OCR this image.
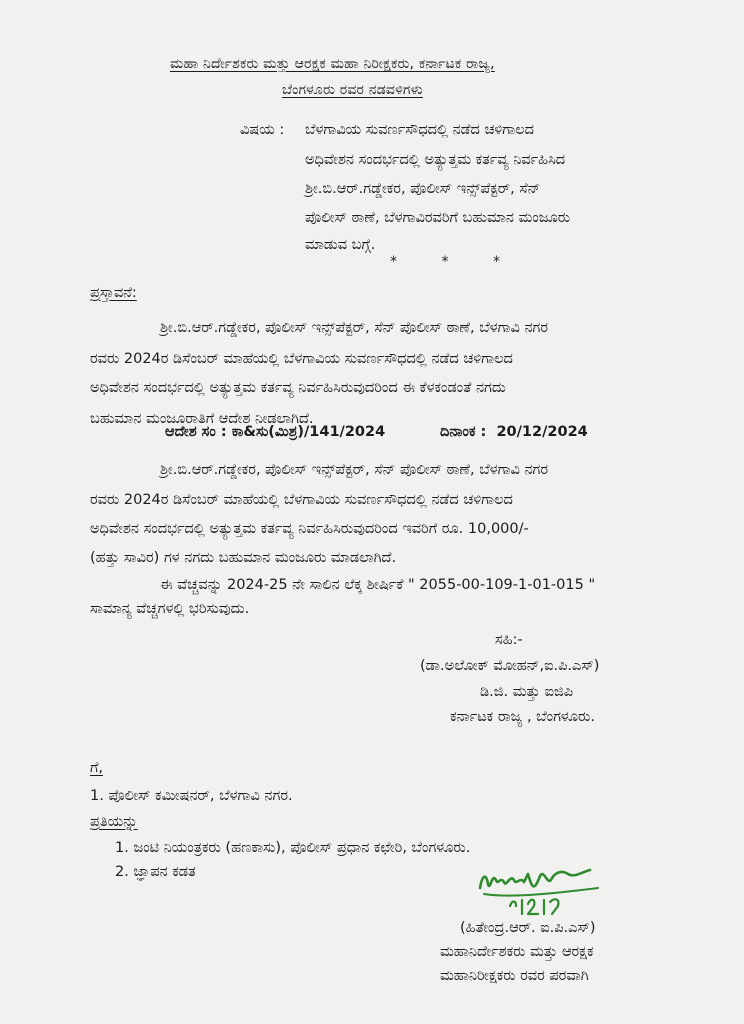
ಮಹಾ ನಿರ್ದೇಶಕರು ಮತ್ತು ಆರಕ್ಷಕ ಮಹಾ ನಿರೀಕ್ಷಕರು, ಕರ್ನಾಟಕ ರಾಜ್ಯ,
ಬೆಂಗಳೂರು ರವರ ನಡವಳಿಗಳು
ವಿಷಯ : ಬೆಳಗಾವಿಯ ಸುವರ್ಣಸೌಧದಲ್ಲಿ ನಡೆದ ಚಳಿಗಾಲದ
ಅಧಿವೇಶನ ಸಂದರ್ಭದಲ್ಲಿ ಅತ್ಯುತ್ತಮ ಕರ್ತವ್ಯ ನಿರ್ವಹಿಸಿದ
ಶ್ರೀ.ಬಿ.ಆರ್.ಗಡ್ಡೇಕರ, ಪೊಲೀಸ್ ಇನ್ಸ್‌ಪೆಕ್ಟರ್, ಸೆನ್
ಪೊಲೀಸ್ ಠಾಣೆ, ಬೆಳಗಾವಿರವರಿಗೆ ಬಹುಮಾನ ಮಂಜೂರು
ಮಾಡುವ ಬಗ್ಗೆ.
*          *          *
ಪ್ರಸ್ತಾವನೆ:
ಶ್ರೀ.ಬಿ.ಆರ್.ಗಡ್ಡೇಕರ, ಪೊಲೀಸ್ ಇನ್ಸ್‌ಪೆಕ್ಟರ್, ಸೆನ್ ಪೊಲೀಸ್ ಠಾಣೆ, ಬೆಳಗಾವಿ ನಗರ
ರವರು 2024ರ ಡಿಸೆಂಬರ್ ಮಾಹೆಯಲ್ಲಿ ಬೆಳಗಾವಿಯ ಸುವರ್ಣಸೌಧದಲ್ಲಿ ನಡೆದ ಚಳಿಗಾಲದ
ಅಧಿವೇಶನ ಸಂದರ್ಭದಲ್ಲಿ ಅತ್ಯುತ್ತಮ ಕರ್ತವ್ಯ ನಿರ್ವಹಿಸಿರುವುದರಿಂದ ಈ ಕೆಳಕಂಡಂತೆ ನಗದು
ಬಹುಮಾನ ಮಂಜೂರಾತಿಗೆ ಆದೇಶ ನೀಡಲಾಗಿದೆ.
ಆದೇಶ ಸಂ : ಕಾ&ಸು(ಮಿಶ್ರ)/141/2024	ದಿನಾಂಕ :  20/12/2024
ಶ್ರೀ.ಬಿ.ಆರ್.ಗಡ್ಡೇಕರ, ಪೊಲೀಸ್ ಇನ್ಸ್‌ಪೆಕ್ಟರ್, ಸೆನ್ ಪೊಲೀಸ್ ಠಾಣೆ, ಬೆಳಗಾವಿ ನಗರ
ರವರು 2024ರ ಡಿಸೆಂಬರ್ ಮಾಹೆಯಲ್ಲಿ ಬೆಳಗಾವಿಯ ಸುವರ್ಣಸೌಧದಲ್ಲಿ ನಡೆದ ಚಳಿಗಾಲದ
ಅಧಿವೇಶನ ಸಂದರ್ಭದಲ್ಲಿ ಅತ್ಯುತ್ತಮ ಕರ್ತವ್ಯ ನಿರ್ವಹಿಸಿರುವುದರಿಂದ ಇವರಿಗೆ ರೂ. 10,000/-
(ಹತ್ತು ಸಾವಿರ) ಗಳ ನಗದು ಬಹುಮಾನ ಮಂಜೂರು ಮಾಡಲಾಗಿದೆ.
ಈ ವೆಚ್ಚವನ್ನು 2024-25 ನೇ ಸಾಲಿನ ಲೆಕ್ಕ ಶೀರ್ಷಿಕೆ " 2055-00-109-1-01-015 "
ಸಾಮಾನ್ಯ ವೆಚ್ಚಗಳಲ್ಲಿ ಭರಿಸುವುದು.
ಸಹಿ:-
(ಡಾ.ಅಲೋಕ್ ಮೋಹನ್,ಐ.ಪಿ.ಎಸ್)
ಡಿ.ಜಿ. ಮತ್ತು ಐಜಿಪಿ
ಕರ್ನಾಟಕ ರಾಜ್ಯ , ಬೆಂಗಳೂರು.
ಗೆ,
1. ಪೊಲೀಸ್ ಕಮೀಷನರ್, ಬೆಳಗಾವಿ ನಗರ.
ಪ್ರತಿಯನ್ನು
1. ಜಂಟಿ ನಿಯಂತ್ರಕರು (ಹಣಕಾಸು), ಪೊಲೀಸ್ ಪ್ರಧಾನ ಕಛೇರಿ, ಬೆಂಗಳೂರು.
2. ಜ್ಞಾಪನ ಕಡತ
(ಹಿತೇಂದ್ರ.ಆರ್. ಐ.ಪಿ.ಎಸ್)
ಮಹಾನಿರ್ದೇಶಕರು ಮತ್ತು ಆರಕ್ಷಕ
ಮಹಾನಿರೀಕ್ಷಕರು ರವರ ಪರವಾಗಿ
